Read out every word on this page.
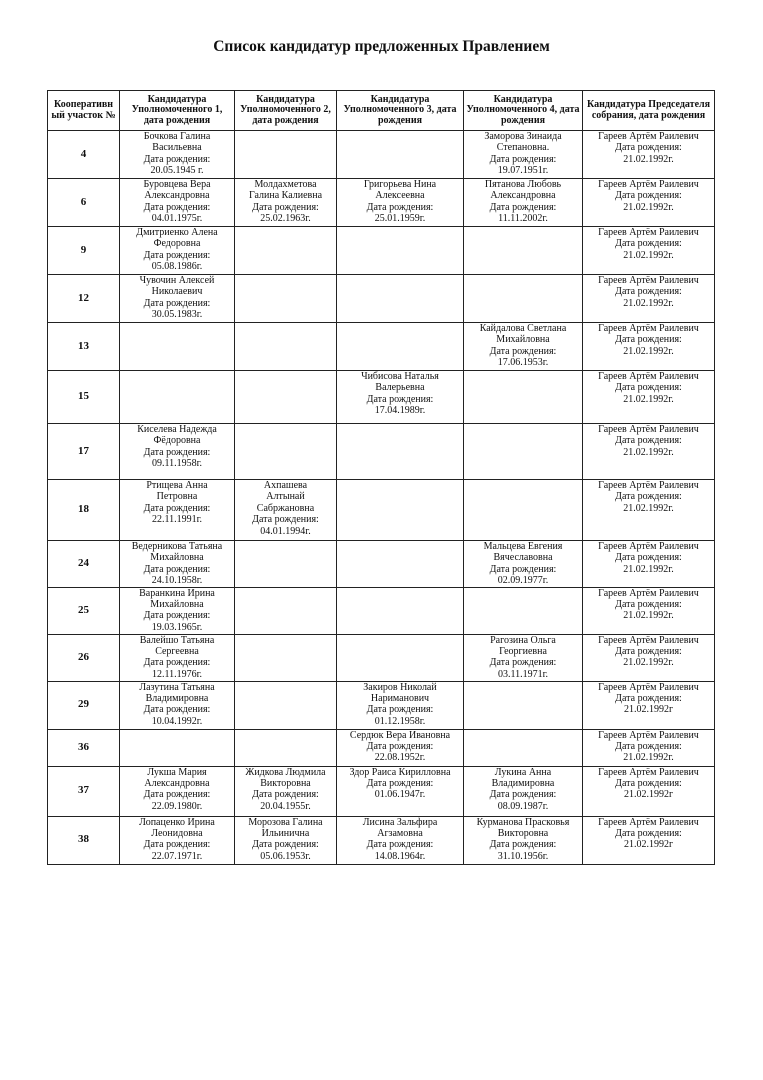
Список кандидатур предложенных Правлением
Кооперативн ый участок №	Кандидатура Уполномоченного 1, дата рождения	Кандидатура Уполномоченного 2, дата рождения	Кандидатура Уполномоченного 3, дата рождения	Кандидатура Уполномоченного 4, дата рождения	Кандидатура Председателя собрания, дата рождения
4	Бочкова Галина
Васильевна
Дата рождения:
20.05.1945 г.			Заморова Зинаида
Степановна.
Дата рождения:
19.07.1951г.	Гареев Артём Раилевич
Дата рождения:
21.02.1992г.

6	Буровцева Вера
Александровна
Дата рождения:
04.01.1975г.	Молдахметова
Галина Калиевна
Дата рождения:
25.02.1963г.	Григорьева Нина
Алексеевна
Дата рождения:
25.01.1959г.	Пятанова Любовь
Александровна
Дата рождения:
11.11.2002г.	Гареев Артём Раилевич
Дата рождения:
21.02.1992г.

9	Дмитриенко Алена
Федоровна
Дата рождения:
05.08.1986г.				Гареев Артём Раилевич
Дата рождения:
21.02.1992г.

12	Чувочин Алексей
Николаевич
Дата рождения:
30.05.1983г.				Гареев Артём Раилевич
Дата рождения:
21.02.1992г.

13				Кайдалова Светлана
Михайловна
Дата рождения:
17.06.1953г.	Гареев Артём Раилевич
Дата рождения:
21.02.1992г.

15			Чибисова Наталья
Валерьевна
Дата рождения:
17.04.1989г.		Гареев Артём Раилевич
Дата рождения:
21.02.1992г.

17	Киселева Надежда
Фёдоровна
Дата рождения:
09.11.1958г.				Гареев Артём Раилевич
Дата рождения:
21.02.1992г.

18	Ртищева Анна
Петровна
Дата рождения:
22.11.1991г.	Ахпашева
Алтынай
Сабржановна
Дата рождения:
04.01.1994г.			Гареев Артём Раилевич
Дата рождения:
21.02.1992г.

24	Ведерникова Татьяна
Михайловна
Дата рождения:
24.10.1958г.			Мальцева Евгения
Вячеславовна
Дата рождения:
02.09.1977г.	Гареев Артём Раилевич
Дата рождения:
21.02.1992г.

25	Варанкина Ирина
Михайловна
Дата рождения:
19.03.1965г.				Гареев Артём Раилевич
Дата рождения:
21.02.1992г.

26	Валейшо Татьяна
Сергеевна
Дата рождения:
12.11.1976г.			Рагозина Ольга
Георгиевна
Дата рождения:
03.11.1971г.	Гареев Артём Раилевич
Дата рождения:
21.02.1992г.

29	Лазутина Татьяна
Владимировна
Дата рождения:
10.04.1992г.		Закиров Николай
Нариманович
Дата рождения:
01.12.1958г.		Гареев Артём Раилевич
Дата рождения:
21.02.1992г

36			Сердюк Вера Ивановна
Дата рождения:
22.08.1952г.		Гареев Артём Раилевич
Дата рождения:
21.02.1992г.

37	Лукша Мария
Александровна
Дата рождения:
22.09.1980г.	Жидкова Людмила
Викторовна
Дата рождения:
20.04.1955г.	Здор Раиса Кирилловна
Дата рождения:
01.06.1947г.	Лукина Анна
Владимировна
Дата рождения:
08.09.1987г.	Гареев Артём Раилевич
Дата рождения:
21.02.1992г

38	Лопаценко Ирина
Леонидовна
Дата рождения:
22.07.1971г.	Морозова Галина
Ильинична
Дата рождения:
05.06.1953г.	Лисина Зальфира
Агзамовна
Дата рождения:
14.08.1964г.	Курманова Прасковья
Викторовна
Дата рождения:
31.10.1956г.	Гареев Артём Раилевич
Дата рождения:
21.02.1992г
